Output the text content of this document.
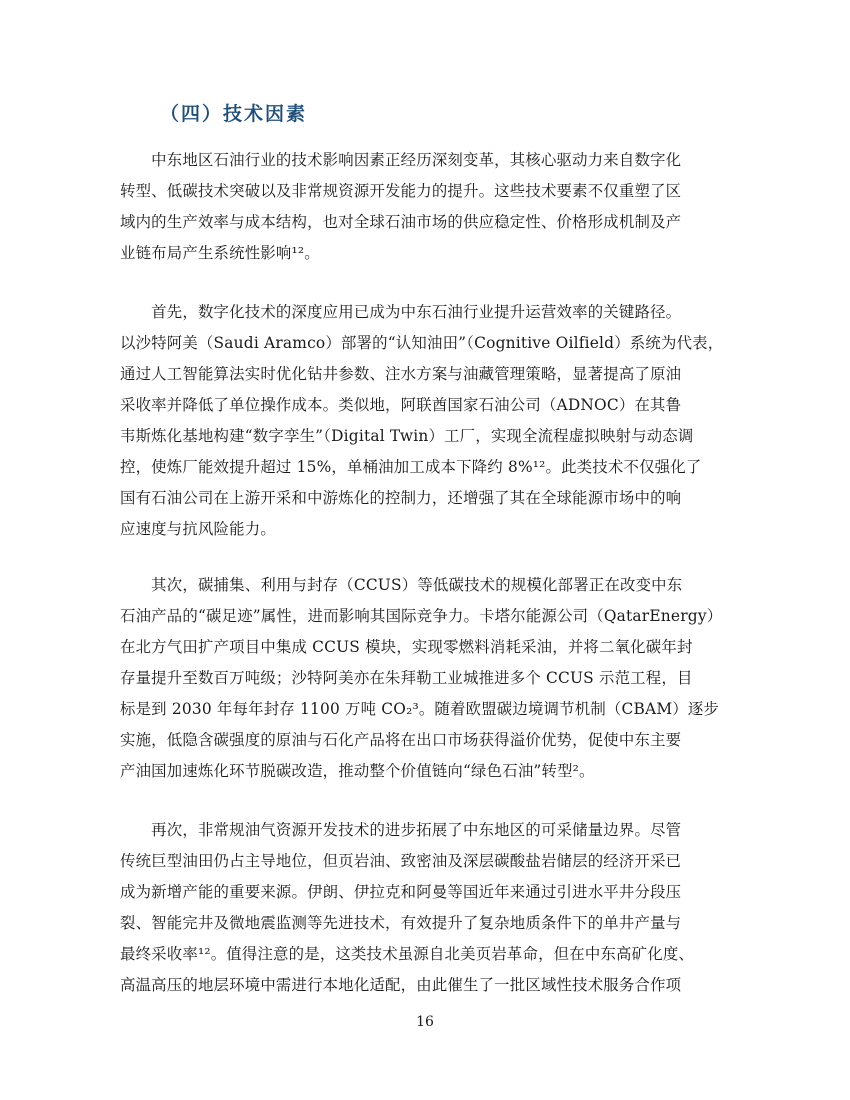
（四）技术因素
　　中东地区石油行业的技术影响因素正经历深刻变革，其核心驱动力来自数字化
转型、低碳技术突破以及非常规资源开发能力的提升。这些技术要素不仅重塑了区
域内的生产效率与成本结构，也对全球石油市场的供应稳定性、价格形成机制及产
业链布局产生系统性影响¹²。
　　首先，数字化技术的深度应用已成为中东石油行业提升运营效率的关键路径。
以沙特阿美（Saudi Aramco）部署的“认知油田”（Cognitive Oilfield）系统为代表，
通过人工智能算法实时优化钻井参数、注水方案与油藏管理策略，显著提高了原油
采收率并降低了单位操作成本。类似地，阿联酋国家石油公司（ADNOC）在其鲁
韦斯炼化基地构建“数字孪生”（Digital Twin）工厂，实现全流程虚拟映射与动态调
控，使炼厂能效提升超过 15%，单桶油加工成本下降约 8%¹²。此类技术不仅强化了
国有石油公司在上游开采和中游炼化的控制力，还增强了其在全球能源市场中的响
应速度与抗风险能力。
　　其次，碳捕集、利用与封存（CCUS）等低碳技术的规模化部署正在改变中东
石油产品的“碳足迹”属性，进而影响其国际竞争力。卡塔尔能源公司（QatarEnergy）
在北方气田扩产项目中集成 CCUS 模块，实现零燃料消耗采油，并将二氧化碳年封
存量提升至数百万吨级；沙特阿美亦在朱拜勒工业城推进多个 CCUS 示范工程，目
标是到 2030 年每年封存 1100 万吨 CO₂³。随着欧盟碳边境调节机制（CBAM）逐步
实施，低隐含碳强度的原油与石化产品将在出口市场获得溢价优势，促使中东主要
产油国加速炼化环节脱碳改造，推动整个价值链向“绿色石油”转型²。
　　再次，非常规油气资源开发技术的进步拓展了中东地区的可采储量边界。尽管
传统巨型油田仍占主导地位，但页岩油、致密油及深层碳酸盐岩储层的经济开采已
成为新增产能的重要来源。伊朗、伊拉克和阿曼等国近年来通过引进水平井分段压
裂、智能完井及微地震监测等先进技术，有效提升了复杂地质条件下的单井产量与
最终采收率¹²。值得注意的是，这类技术虽源自北美页岩革命，但在中东高矿化度、
高温高压的地层环境中需进行本地化适配，由此催生了一批区域性技术服务合作项
16
